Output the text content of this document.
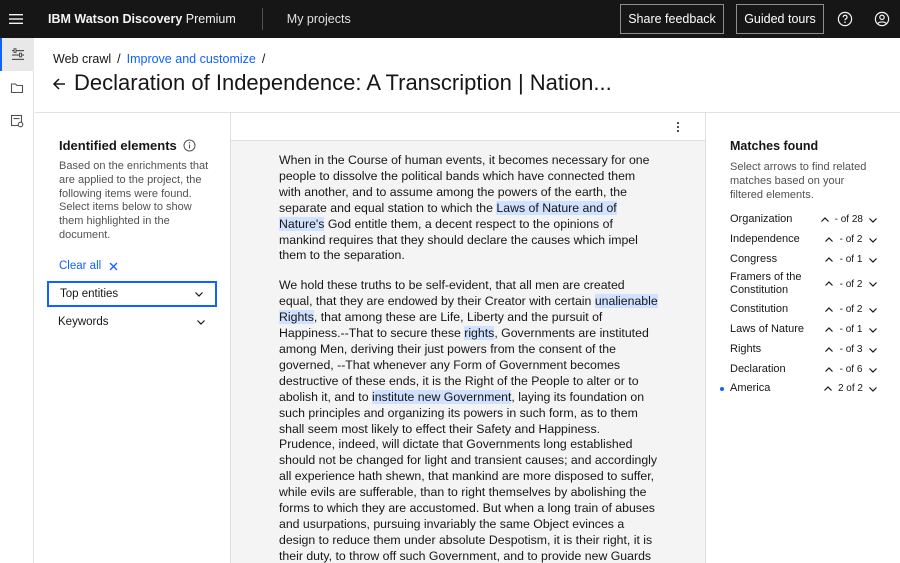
IBM Watson Discovery Premium	My projects	Share feedback	Guided tours
Web crawl / Improve and customize /
Declaration of Independence: A Transcription | Nation...
Identified elements
Based on the enrichments that are applied to the project, the following items were found. Select items below to show them highlighted in the document.
Clear all
Top entities
Keywords

When in the Course of human events, it becomes necessary for one people to dissolve the political bands which have connected them with another, and to assume among the powers of the earth, the separate and equal station to which the Laws of Nature and of Nature's God entitle them, a decent respect to the opinions of mankind requires that they should declare the causes which impel them to the separation.

We hold these truths to be self-evident, that all men are created equal, that they are endowed by their Creator with certain unalienable Rights, that among these are Life, Liberty and the pursuit of Happiness.--That to secure these rights, Governments are instituted among Men, deriving their just powers from the consent of the governed, --That whenever any Form of Government becomes destructive of these ends, it is the Right of the People to alter or to abolish it, and to institute new Government, laying its foundation on such principles and organizing its powers in such form, as to them shall seem most likely to effect their Safety and Happiness. Prudence, indeed, will dictate that Governments long established should not be changed for light and transient causes; and accordingly all experience hath shewn, that mankind are more disposed to suffer, while evils are sufferable, than to right themselves by abolishing the forms to which they are accustomed. But when a long train of abuses and usurpations, pursuing invariably the same Object evinces a design to reduce them under absolute Despotism, it is their right, it is their duty, to throw off such Government, and to provide new Guards

Matches found
Select arrows to find related matches based on your filtered elements.
Organization	- of 28
Independence	- of 2
Congress	- of 1
Framers of the Constitution	- of 2
Constitution	- of 2
Laws of Nature	- of 1
Rights	- of 3
Declaration	- of 6
America	2 of 2
